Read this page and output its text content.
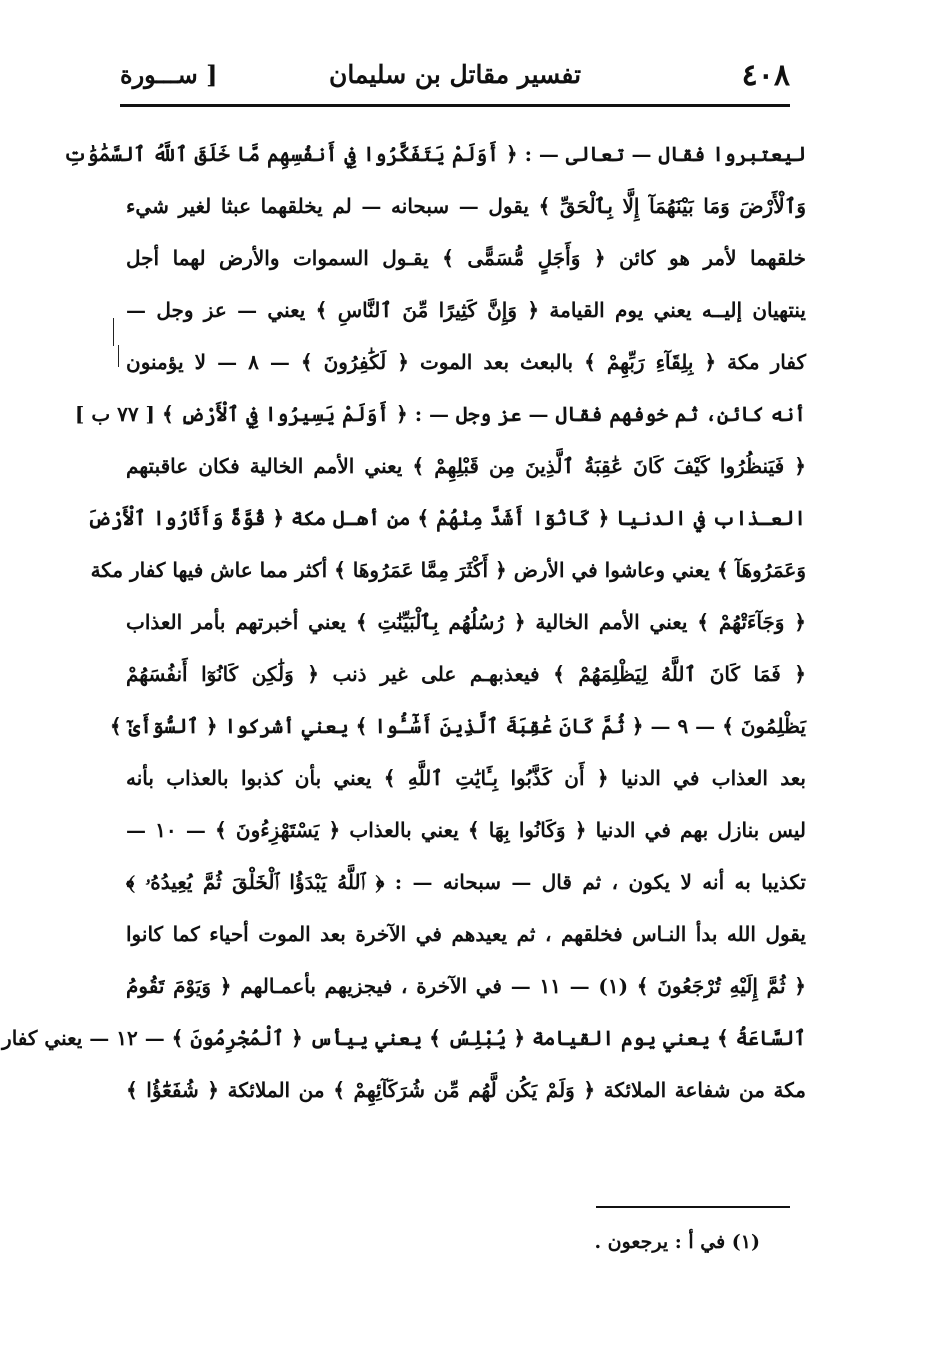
٤٠٨
تفسير مقاتل بن سليمان
[ ســـورة
ليعتبروا فقال — تعالى — : ﴿ أَوَلَمْ يَتَفَكَّرُوا فِي أَنفُسِهِم مَّا خَلَقَ ٱللَّهُ ٱلسَّمَٰوَٰتِ
وَٱلْأَرْضَ وَمَا بَيْنَهُمَآ إِلَّا بِٱلْحَقِّ ﴾ يقول — سبحانه — لم يخلقهما عبثا لغير شيء
خلقهما لأمر هو كائن ﴿ وَأَجَلٍ مُّسَمًّى ﴾ يقـول السموات والأرض لهما أجل
ينتهيان إليــه يعني يوم القيامة ﴿ وَإِنَّ كَثِيرًا مِّنَ ٱلنَّاسِ ﴾ يعني — عز وجل —
كفار مكة ﴿ بِلِقَآءِ رَبِّهِمْ ﴾ بالبعث بعد الموت ﴿ لَكَٰفِرُونَ ﴾ — ٨ — لا يؤمنون
أنه كائن، ثم خوفهم فقال — عز وجل — : ﴿ أَوَلَمْ يَسِيرُوا فِي ٱلْأَرْضِ ﴾ [ ٧٧ ب ]
﴿ فَيَنظُرُوا كَيْفَ كَانَ عَٰقِبَةُ ٱلَّذِينَ مِن قَبْلِهِمْ ﴾ يعني الأمم الخالية فكان عاقبتهم
العـذاب في الدنيا ﴿ كَانُوٓا أَشَدَّ مِنْهُمْ ﴾ من أهـل مكة ﴿ قُوَّةً وَأَثَارُوا ٱلْأَرْضَ
وَعَمَرُوهَآ ﴾ يعني وعاشوا في الأرض ﴿ أَكْثَرَ مِمَّا عَمَرُوهَا ﴾ أكثر مما عاش فيها كفار مكة
﴿ وَجَآءَتْهُمْ ﴾ يعني الأمم الخالية ﴿ رُسُلُهُم بِٱلْبَيِّنَٰتِ ﴾ يعني أخبرتهم بأمر العذاب
﴿ فَمَا كَانَ ٱللَّهُ لِيَظْلِمَهُمْ ﴾ فيعذبهـم على غير ذنب ﴿ وَلَٰكِن كَانُوٓا أَنفُسَهُمْ
يَظْلِمُونَ ﴾ — ٩ — ﴿ ثُمَّ كَانَ عَٰقِبَةَ ٱلَّذِينَ أَسَٰٓـُٔوا ﴾ يعني أشركوا ﴿ ٱلسُّوٓأَىٰٓ ﴾
بعد العذاب في الدنيا ﴿ أَن كَذَّبُوا بِـَٔايَٰتِ ٱللَّهِ ﴾ يعني بأن كذبوا بالعذاب بأنه
ليس بنازل بهم في الدنيا ﴿ وَكَانُوا بِهَا ﴾ يعني بالعذاب ﴿ يَسْتَهْزِءُونَ ﴾ — ١٠ —
تكذيبا به أنه لا يكون ، ثم قال — سبحانه — : ﴿ ٱللَّهُ يَبْدَؤُا ٱلْخَلْقَ ثُمَّ يُعِيدُهُۥ ﴾
يقول الله بدأ النـاس فخلقهم ، ثم يعيدهم في الآخرة بعد الموت أحياء كما كانوا
﴿ ثُمَّ إِلَيْهِ تُرْجَعُونَ ﴾ (١) — ١١ — في الآخرة ، فيجزيهم بأعمـالهم ﴿ وَيَوْمَ تَقُومُ
ٱلسَّاعَةُ ﴾ يعني يوم القيامة ﴿ يُبْلِسُ ﴾ يعني ييأس ﴿ ٱلْمُجْرِمُونَ ﴾ — ١٢ — يعني كفار
مكة من شفاعة الملائكة ﴿ وَلَمْ يَكُن لَّهُم مِّن شُرَكَآئِهِمْ ﴾ من الملائكة ﴿ شُفَعَٰٓؤُا ﴾
(١) في أ : يرجعون .
